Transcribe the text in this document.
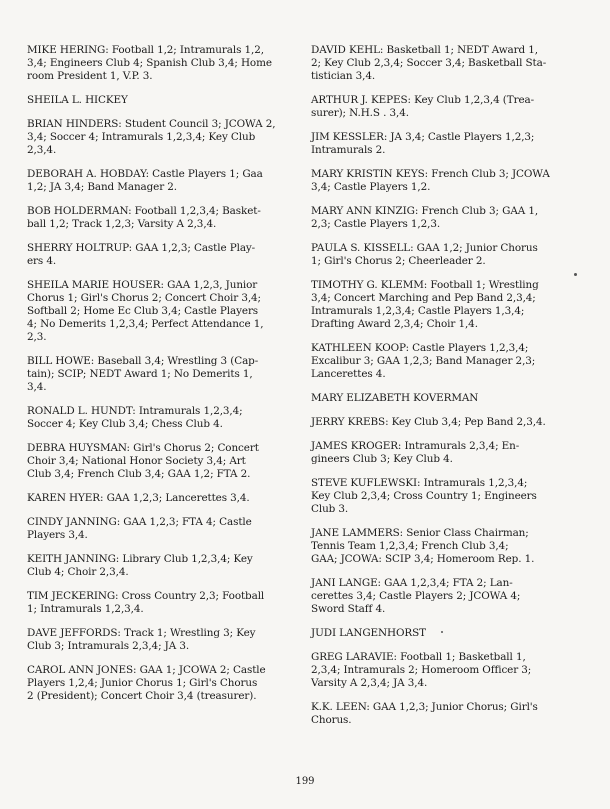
MIKE HERING: Football 1,2; Intramurals 1,2,
3,4; Engineers Club 4; Spanish Club 3,4; Home
room President 1, V.P. 3.

SHEILA L. HICKEY

BRIAN HINDERS: Student Council 3; JCOWA 2,
3,4; Soccer 4; Intramurals 1,2,3,4; Key Club
2,3,4.

DEBORAH A. HOBDAY: Castle Players 1; Gaa
1,2; JA 3,4; Band Manager 2.

BOB HOLDERMAN: Football 1,2,3,4; Basket-
ball 1,2; Track 1,2,3; Varsity A 2,3,4.

SHERRY HOLTRUP: GAA 1,2,3; Castle Play-
ers 4.

SHEILA MARIE HOUSER: GAA 1,2,3, Junior
Chorus 1; Girl's Chorus 2; Concert Choir 3,4;
Softball 2; Home Ec Club 3,4; Castle Players
4; No Demerits 1,2,3,4; Perfect Attendance 1,
2,3.

BILL HOWE: Baseball 3,4; Wrestling 3 (Cap-
tain); SCIP; NEDT Award 1; No Demerits 1,
3,4.

RONALD L. HUNDT: Intramurals 1,2,3,4;
Soccer 4; Key Club 3,4; Chess Club 4.

DEBRA HUYSMAN: Girl's Chorus 2; Concert
Choir 3,4; National Honor Society 3,4; Art
Club 3,4; French Club 3,4; GAA 1,2; FTA 2.

KAREN HYER: GAA 1,2,3; Lancerettes 3,4.

CINDY JANNING: GAA 1,2,3; FTA 4; Castle
Players 3,4.

KEITH JANNING: Library Club 1,2,3,4; Key
Club 4; Choir 2,3,4.

TIM JECKERING: Cross Country 2,3; Football
1; Intramurals 1,2,3,4.

DAVE JEFFORDS: Track 1; Wrestling 3; Key
Club 3; Intramurals 2,3,4; JA 3.

CAROL ANN JONES: GAA 1; JCOWA 2; Castle
Players 1,2,4; Junior Chorus 1; Girl's Chorus
2 (President); Concert Choir 3,4 (treasurer).

DAVID KEHL: Basketball 1; NEDT Award 1,
2; Key Club 2,3,4; Soccer 3,4; Basketball Sta-
tistician 3,4.

ARTHUR J. KEPES: Key Club 1,2,3,4 (Trea-
surer); N.H.S . 3,4.

JIM KESSLER: JA 3,4; Castle Players 1,2,3;
Intramurals 2.

MARY KRISTIN KEYS: French Club 3; JCOWA
3,4; Castle Players 1,2.

MARY ANN KINZIG: French Club 3; GAA 1,
2,3; Castle Players 1,2,3.

PAULA S. KISSELL: GAA 1,2; Junior Chorus
1; Girl's Chorus 2; Cheerleader 2.

TIMOTHY G. KLEMM: Football 1; Wrestling
3,4; Concert Marching and Pep Band 2,3,4;
Intramurals 1,2,3,4; Castle Players 1,3,4;
Drafting Award 2,3,4; Choir 1,4.

KATHLEEN KOOP: Castle Players 1,2,3,4;
Excalibur 3; GAA 1,2,3; Band Manager 2,3;
Lancerettes 4.

MARY ELIZABETH KOVERMAN

JERRY KREBS: Key Club 3,4; Pep Band 2,3,4.

JAMES KROGER: Intramurals 2,3,4; En-
gineers Club 3; Key Club 4.

STEVE KUFLEWSKI: Intramurals 1,2,3,4;
Key Club 2,3,4; Cross Country 1; Engineers
Club 3.

JANE LAMMERS: Senior Class Chairman;
Tennis Team 1,2,3,4; French Club 3,4;
GAA; JCOWA: SCIP 3,4; Homeroom Rep. 1.

JANI LANGE: GAA 1,2,3,4; FTA 2; Lan-
cerettes 3,4; Castle Players 2; JCOWA 4;
Sword Staff 4.

JUDI LANGENHORST

GREG LARAVIE: Football 1; Basketball 1,
2,3,4; Intramurals 2; Homeroom Officer 3;
Varsity A 2,3,4; JA 3,4.

K.K. LEEN: GAA 1,2,3; Junior Chorus; Girl's
Chorus.

199
